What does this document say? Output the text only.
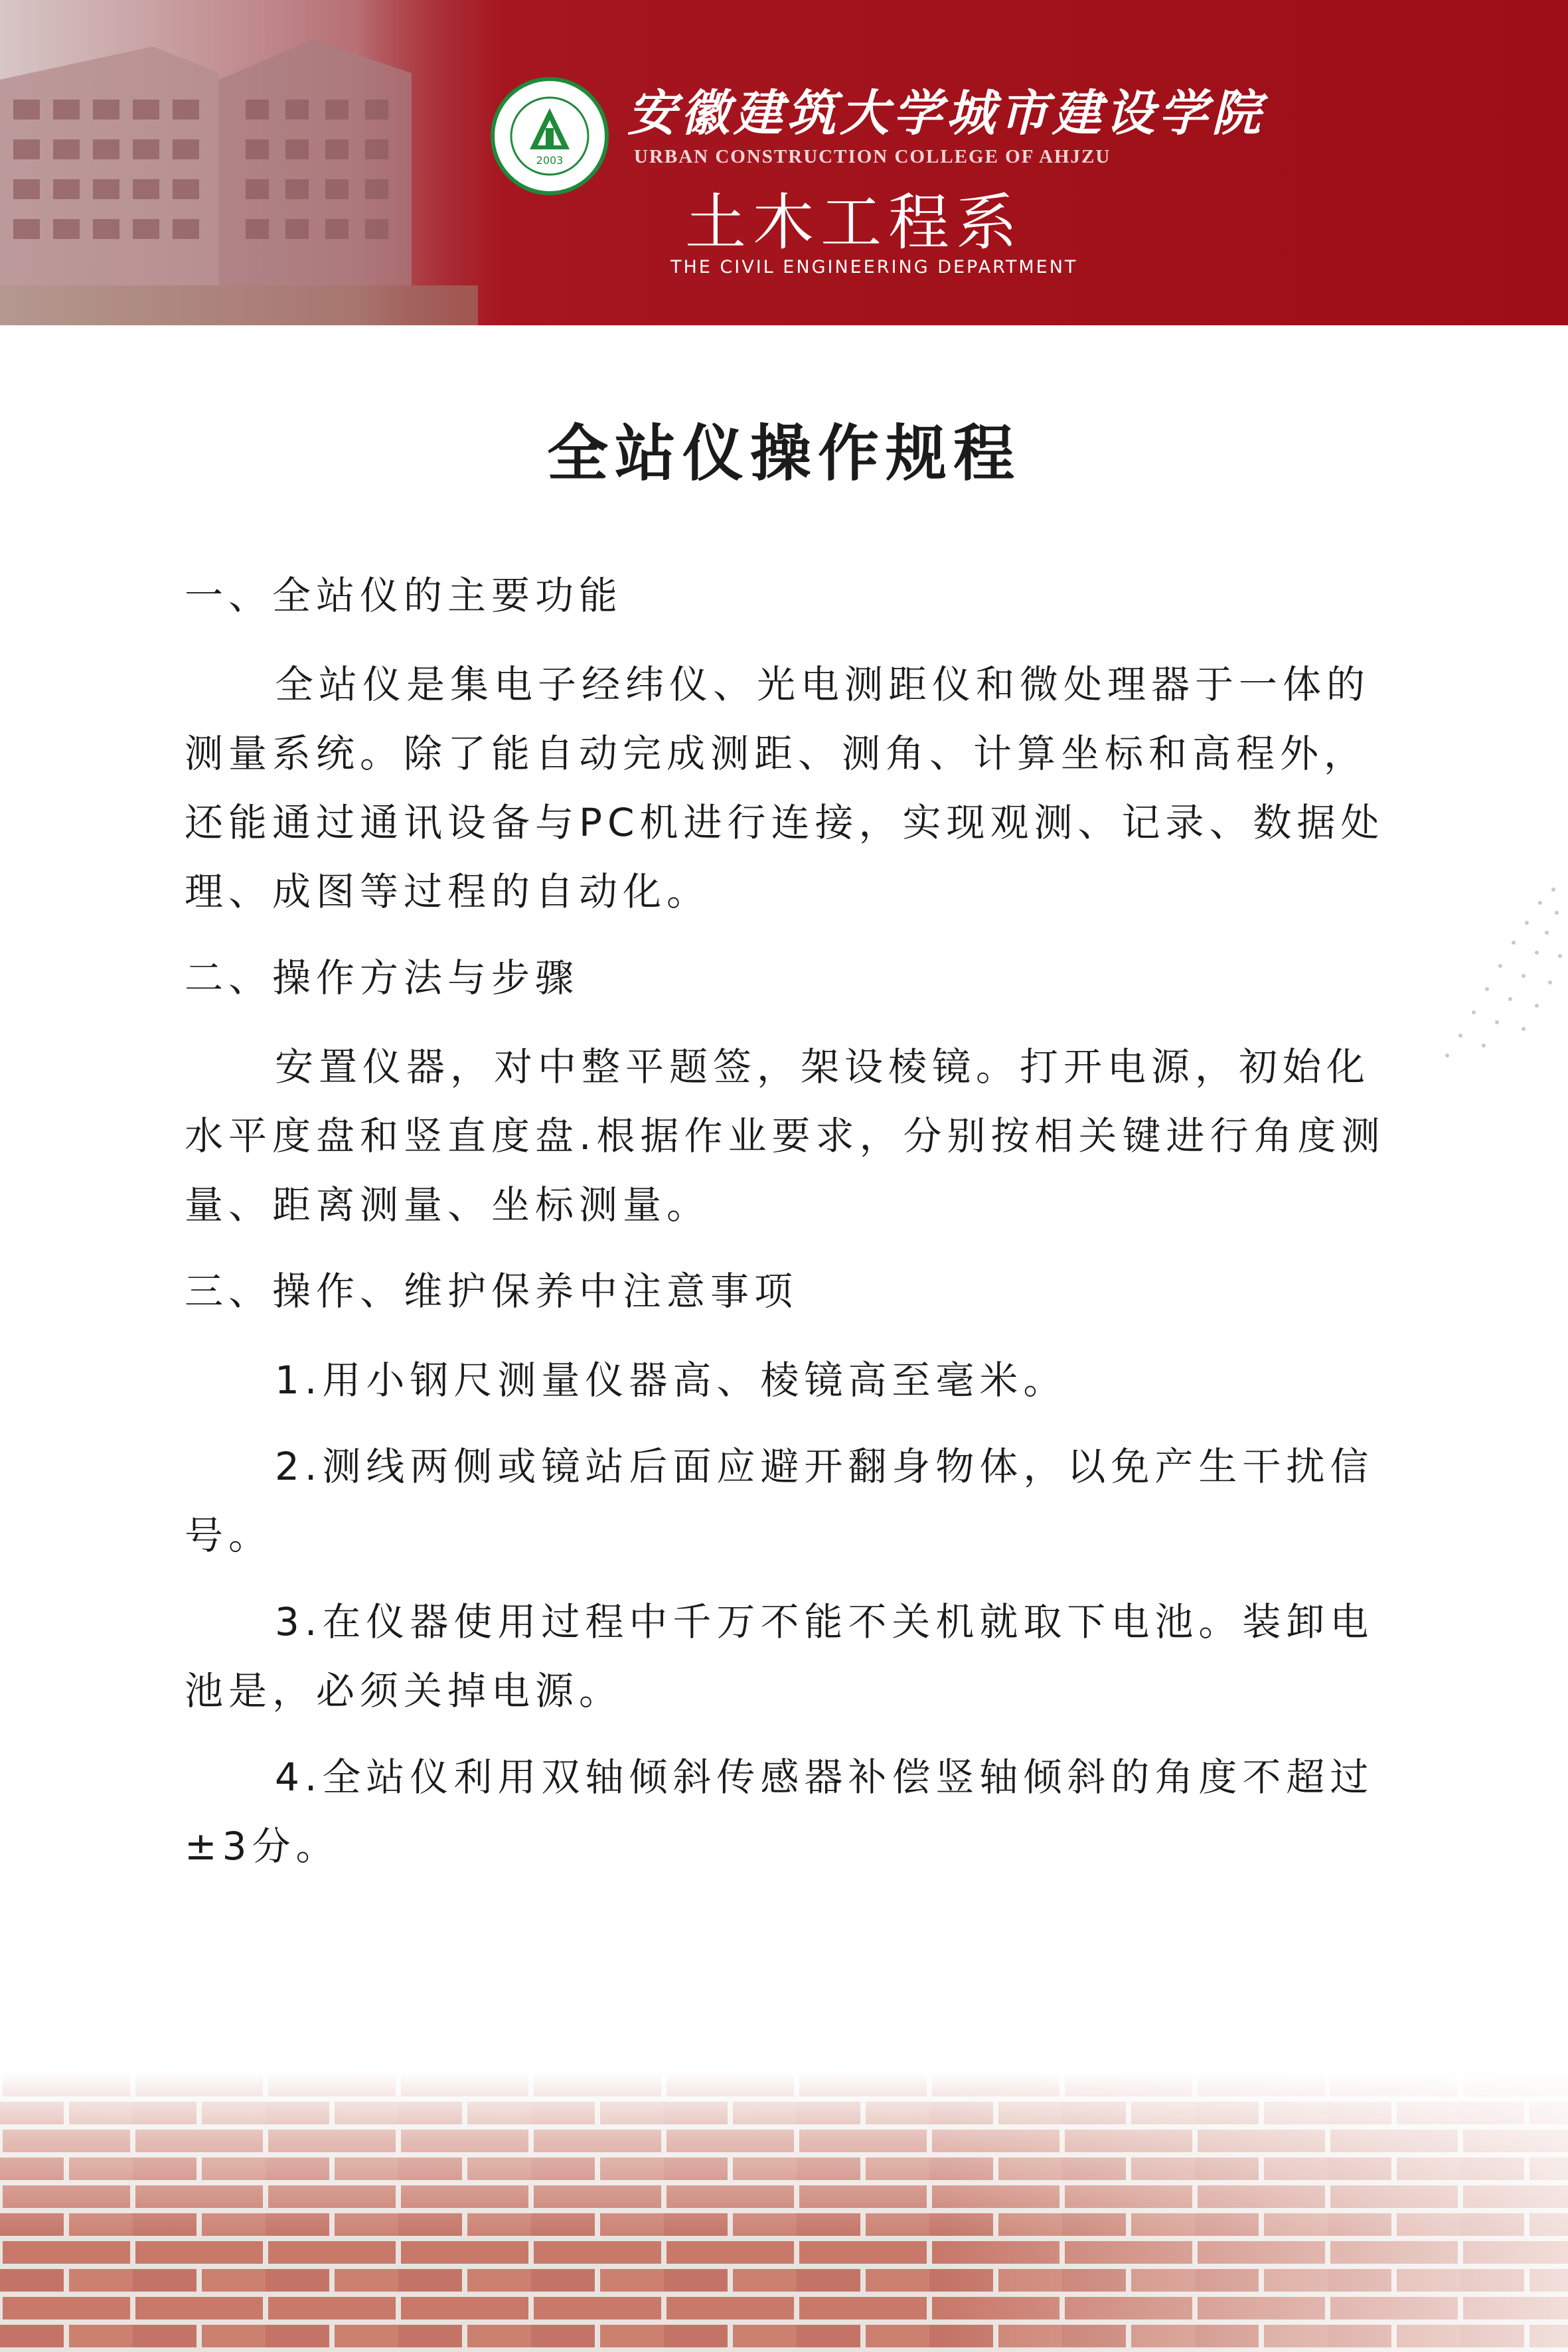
2003
安徽建筑大学城市建设学院
URBAN CONSTRUCTION COLLEGE OF AHJZU
土木工程系
THE CIVIL ENGINEERING DEPARTMENT
全站仪操作规程
一、全站仪的主要功能

全站仪是集电子经纬仪、光电测距仪和微处理器于一体的测量系统。除了能自动完成测距、测角、计算坐标和高程外，还能通过通讯设备与PC机进行连接，实现观测、记录、数据处理、成图等过程的自动化。

二、操作方法与步骤

安置仪器，对中整平题签，架设棱镜。打开电源，初始化水平度盘和竖直度盘.根据作业要求，分别按相关键进行角度测量、距离测量、坐标测量。

三、操作、维护保养中注意事项

1.用小钢尺测量仪器高、棱镜高至毫米。

2.测线两侧或镜站后面应避开翻身物体，以免产生干扰信号。

3.在仪器使用过程中千万不能不关机就取下电池。装卸电池是，必须关掉电源。

4.全站仪利用双轴倾斜传感器补偿竖轴倾斜的角度不超过±3分。
